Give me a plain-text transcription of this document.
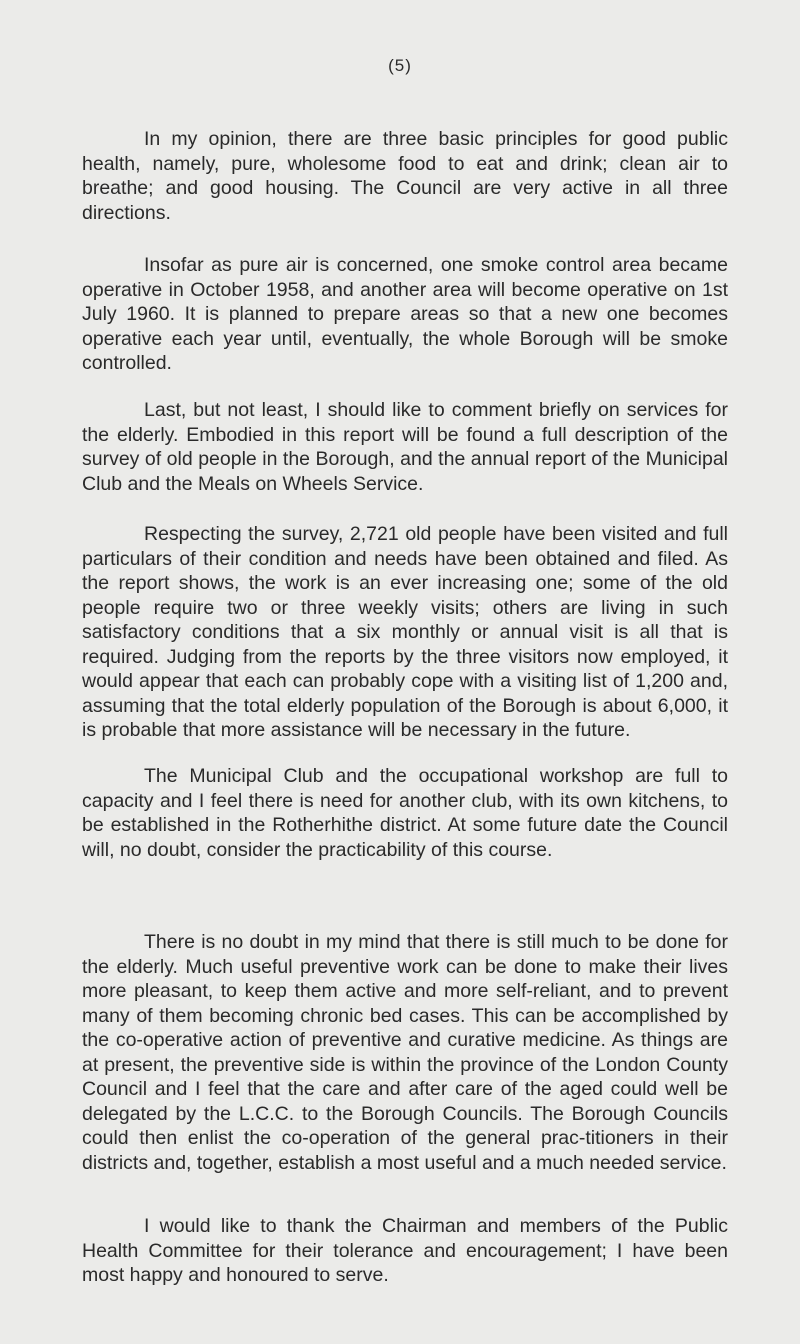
(5)

In my opinion, there are three basic principles for good public health, namely, pure, wholesome food to eat and drink; clean air to breathe; and good housing. The Council are very active in all three directions.

Insofar as pure air is concerned, one smoke control area became operative in October 1958, and another area will become operative on 1st July 1960. It is planned to prepare areas so that a new one becomes operative each year until, eventually, the whole Borough will be smoke controlled.

Last, but not least, I should like to comment briefly on services for the elderly. Embodied in this report will be found a full description of the survey of old people in the Borough, and the annual report of the Municipal Club and the Meals on Wheels Service.

Respecting the survey, 2,721 old people have been visited and full particulars of their condition and needs have been obtained and filed. As the report shows, the work is an ever increasing one; some of the old people require two or three weekly visits; others are living in such satisfactory conditions that a six monthly or annual visit is all that is required. Judging from the reports by the three visitors now employed, it would appear that each can probably cope with a visiting list of 1,200 and, assuming that the total elderly population of the Borough is about 6,000, it is probable that more assistance will be necessary in the future.

The Municipal Club and the occupational workshop are full to capacity and I feel there is need for another club, with its own kitchens, to be established in the Rotherhithe district. At some future date the Council will, no doubt, consider the practicability of this course.

There is no doubt in my mind that there is still much to be done for the elderly. Much useful preventive work can be done to make their lives more pleasant, to keep them active and more self-reliant, and to prevent many of them becoming chronic bed cases. This can be accomplished by the co-operative action of preventive and curative medicine. As things are at present, the preventive side is within the province of the London County Council and I feel that the care and after care of the aged could well be delegated by the L.C.C. to the Borough Councils. The Borough Councils could then enlist the co-operation of the general prac-titioners in their districts and, together, establish a most useful and a much needed service.

I would like to thank the Chairman and members of the Public Health Committee for their tolerance and encouragement; I have been most happy and honoured to serve.
